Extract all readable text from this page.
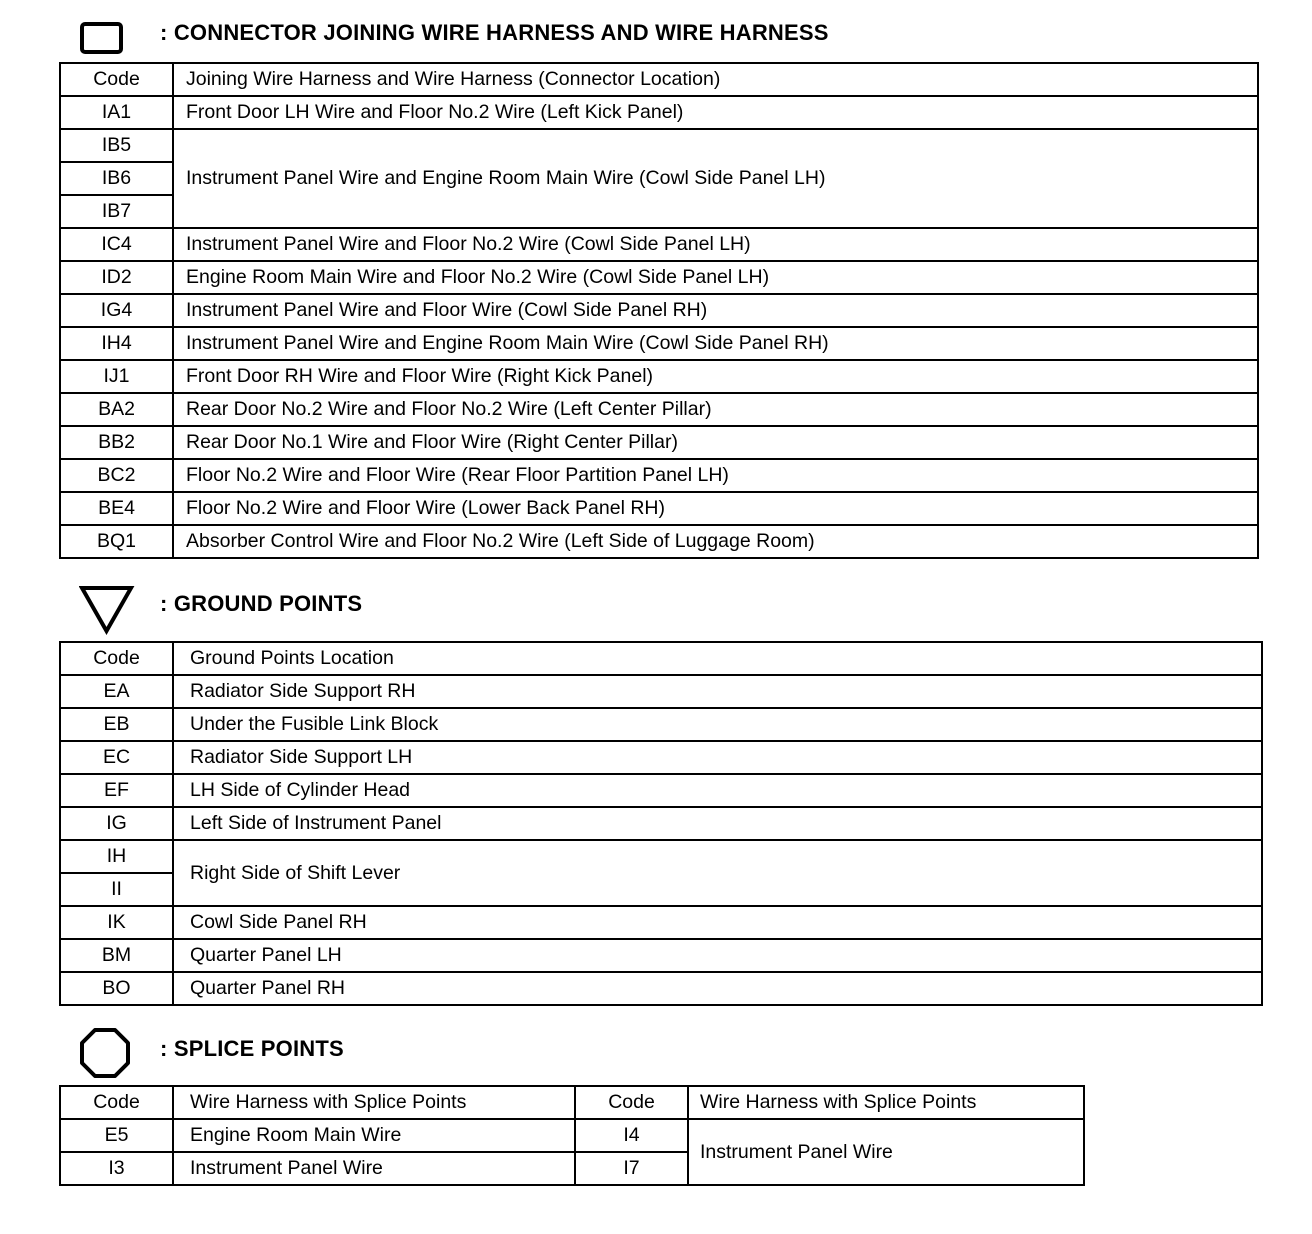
: CONNECTOR JOINING WIRE HARNESS AND WIRE HARNESS
Code	Joining Wire Harness and Wire Harness (Connector Location)
IA1	Front Door LH Wire and Floor No.2 Wire (Left Kick Panel)
IB5	Instrument Panel Wire and Engine Room Main Wire (Cowl Side Panel LH)
IB6	
IB7	
IC4	Instrument Panel Wire and Floor No.2 Wire (Cowl Side Panel LH)
ID2	Engine Room Main Wire and Floor No.2 Wire (Cowl Side Panel LH)
IG4	Instrument Panel Wire and Floor Wire (Cowl Side Panel RH)
IH4	Instrument Panel Wire and Engine Room Main Wire (Cowl Side Panel RH)
IJ1	Front Door RH Wire and Floor Wire (Right Kick Panel)
BA2	Rear Door No.2 Wire and Floor No.2 Wire (Left Center Pillar)
BB2	Rear Door No.1 Wire and Floor Wire (Right Center Pillar)
BC2	Floor No.2 Wire and Floor Wire (Rear Floor Partition Panel LH)
BE4	Floor No.2 Wire and Floor Wire (Lower Back Panel RH)
BQ1	Absorber Control Wire and Floor No.2 Wire (Left Side of Luggage Room)
: GROUND POINTS
Code	Ground Points Location
EA	Radiator Side Support RH
EB	Under the Fusible Link Block
EC	Radiator Side Support LH
EF	LH Side of Cylinder Head
IG	Left Side of Instrument Panel
IH	Right Side of Shift Lever
II	
IK	Cowl Side Panel RH
BM	Quarter Panel LH
BO	Quarter Panel RH
: SPLICE POINTS
Code	Wire Harness with Splice Points	Code	Wire Harness with Splice Points
E5	Engine Room Main Wire	I4	Instrument Panel Wire
I3	Instrument Panel Wire	I7	
